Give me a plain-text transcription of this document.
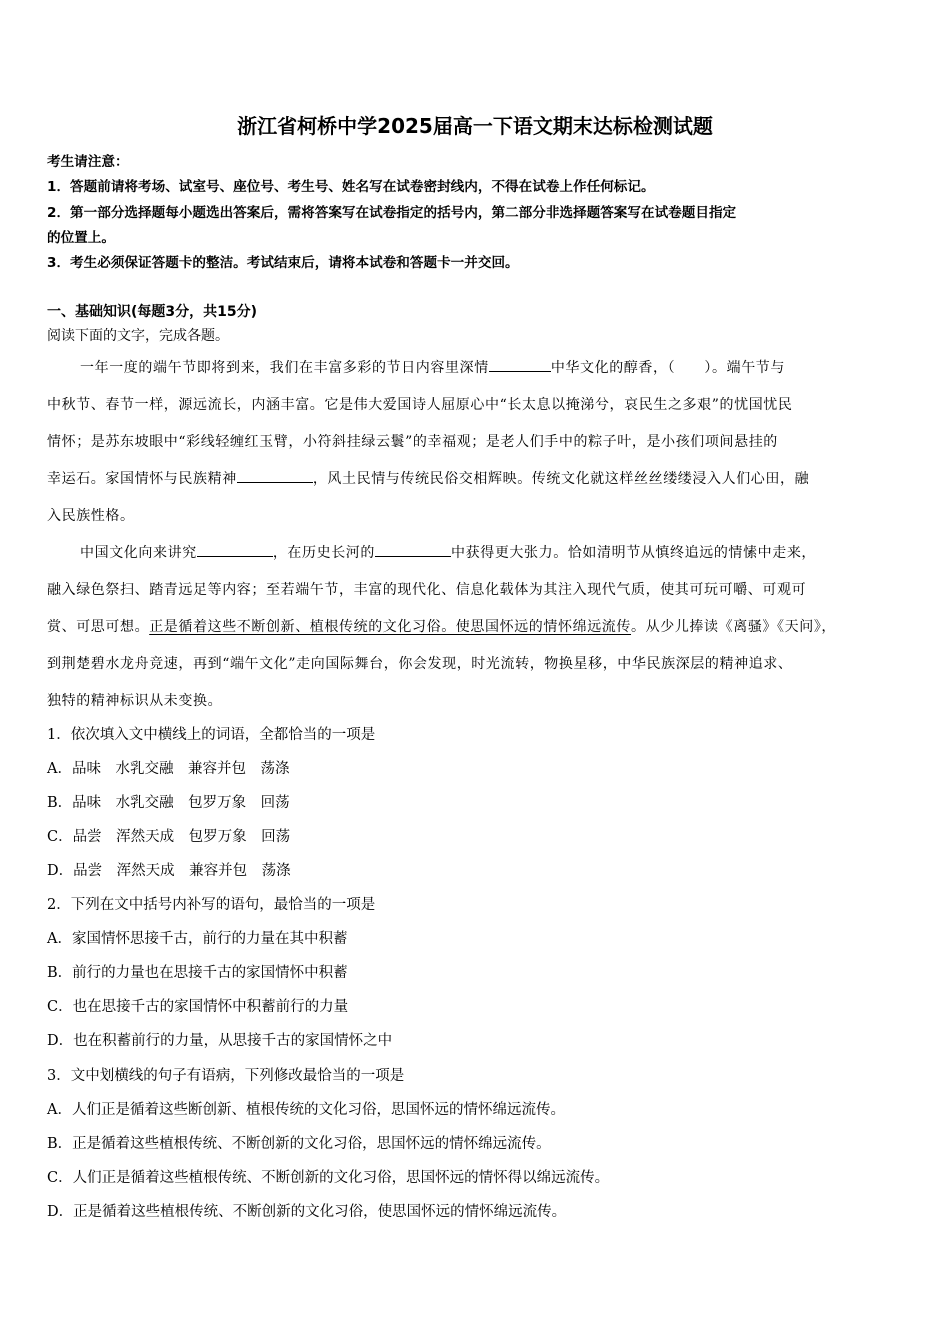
浙江省柯桥中学2025届高一下语文期末达标检测试题
考生请注意：
1．答题前请将考场、试室号、座位号、考生号、姓名写在试卷密封线内，不得在试卷上作任何标记。
2．第一部分选择题每小题选出答案后，需将答案写在试卷指定的括号内，第二部分非选择题答案写在试卷题目指定
的位置上。
3．考生必须保证答题卡的整洁。考试结束后，请将本试卷和答题卡一并交回。
一、基础知识(每题3分，共15分)
阅读下面的文字，完成各题。
一年一度的端午节即将到来，我们在丰富多彩的节日内容里深情	中华文化的醇香，（　　）。端午节与
中秋节、春节一样，源远流长，内涵丰富。它是伟大爱国诗人屈原心中“长太息以掩涕兮，哀民生之多艰”的忧国忧民
情怀；是苏东坡眼中“彩线轻缠红玉臂，小符斜挂绿云鬟”的幸福观；是老人们手中的粽子叶，是小孩们项间悬挂的
幸运石。家国情怀与民族精神	，风土民情与传统民俗交相辉映。传统文化就这样丝丝缕缕浸入人们心田，融
入民族性格。
中国文化向来讲究	，在历史长河的	中获得更大张力。恰如清明节从慎终追远的情愫中走来，
融入绿色祭扫、踏青远足等内容；至若端午节，丰富的现代化、信息化载体为其注入现代气质，使其可玩可嚼、可观可
赏、可思可想。正是循着这些不断创新、植根传统的文化习俗。使思国怀远的情怀绵远流传。从少儿捧读《离骚》《天问》，
到荆楚碧水龙舟竞速，再到“端午文化”走向国际舞台，你会发现，时光流转，物换星移，中华民族深层的精神追求、
独特的精神标识从未变换。
1．依次填入文中横线上的词语，全都恰当的一项是
A．品味　水乳交融　兼容并包　荡涤
B．品味　水乳交融　包罗万象　回荡
C．品尝　浑然天成　包罗万象　回荡
D．品尝　浑然天成　兼容并包　荡涤
2．下列在文中括号内补写的语句，最恰当的一项是
A．家国情怀思接千古，前行的力量在其中积蓄
B．前行的力量也在思接千古的家国情怀中积蓄
C．也在思接千古的家国情怀中积蓄前行的力量
D．也在积蓄前行的力量，从思接千古的家国情怀之中
3．文中划横线的句子有语病，下列修改最恰当的一项是
A．人们正是循着这些断创新、植根传统的文化习俗，思国怀远的情怀绵远流传。
B．正是循着这些植根传统、不断创新的文化习俗，思国怀远的情怀绵远流传。
C．人们正是循着这些植根传统、不断创新的文化习俗，思国怀远的情怀得以绵远流传。
D．正是循着这些植根传统、不断创新的文化习俗，使思国怀远的情怀绵远流传。
